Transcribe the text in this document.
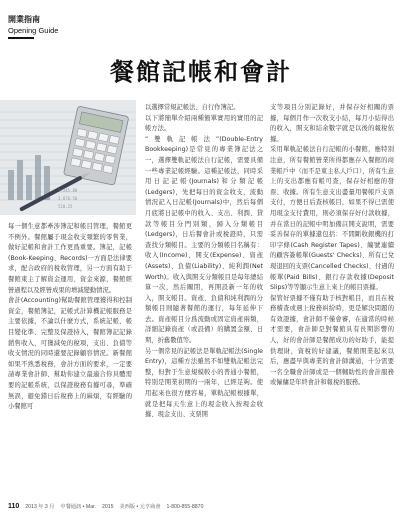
開業指南
Opening Guide
餐館記帳和會計
1,245.00
3,870.50
520.25

每一個生意都牽涉簿記和帳目管理，餐館更不例外。餐館屬于現金收支頻繁的零售業，做好記帳和會計工作更爲重要。簿記，記帳(Book-Keeping、Records)一方面是法律要求，配合政府的稅收管理，另一方面有助于餐館東主了解資金運用、資金來源，餐館經營過程以及經營成果的增減變動情況。

會計(Accounting)幫助餐館管理獲得和控制資金，餐館簿記，記帳式計算機記帳服務是主要依據，不論以什麼方式，系統記帳、帳目變化準、完整及保證持入，餐館簿記記錄銷售收入，可獲減免的稅項，支出、負債等收支情況的同時還要記錄顧容情況。新餐館如果不熟悉稅務，會計方面的要求，一定要請專業會計師、幫助你建立最適合你具體需要的記帳系統，以保證稅務有據可尋，準確無誤，避免錯日后稅務上的麻煩，有經驗的小餐館可

以選擇常規記帳法、自行作簿記。

以下將簡單介紹兩種簡單實用的實用的記帳方法。

“雙軌記帳法”(Double-Entry Bookkeeping)是常見的專業簿記法之一，選擇雙軌記帳法自行記帳，需要具備一些專業記帳經驗。這種記帳法，同時采用日記記帳(Journals)和分類記帳(Ledgers)，先把每日的資金收支，流動情況記入日記帳(Journals)中，然后每個月底將日記帳中的收入、支出、利潤、貸款等帳目分門別類，歸入分類帳目(Ledgers)，日后餐會計或稅證時，只需查找分類帳目。主要的分類帳目名稱有：收入(Income)、開支(Expense)、資產(Assets)、負債(Liability)、純利潤(Net Worth)。收入與開支分類帳目是每年總結算一次，然后關閉，再開設新一年的收入，開支帳目。資產、負債和純利潤的分類帳目則隨著餐館的運行，每年延伸下去。資產帳目分爲流動或固定資產兩類，詳細記錄資產（或設備）的購置金額、日期，折舊數值等。

另一個常見的記帳法是單軌記帳法(Single Entry)，這種方法雖然不如雙軌記帳法完整，但對于生意規模較小的普通小餐館，特別是開業初期的一兩年，已經足夠。使用起來也很方便容易，單軌記帳根據單，就是把每天生意上的現金收入按現金收據、現金支出、支票開

支等項目分別記錄好，并保存好相關的票據，每個月作一次收支小結，每月小結得出的收入，開支和結余數字就是以後的報稅依據。

采用單軌記帳法自行記帳的小餐館，應特別注意，所有餐館營業所得都應存入餐館的商業帳戶中（而不是東主私人戶口），所有生意上的支出都應有帳可查，保存好相應的發票、收據。所有生意支出盡量用餐帳戶支票支付，方便日后查核帳目，如果不得已需使用現金支付費用，則必須保存好付款收據，并在當日的記帳中明加備註開支說明，需要妥善保存的單據還包括：不間斷收銀機的打印字條(Cash Register Tapes)、編號連續的顧客簽帳單(Guests' Checks)、所有已兌現退回的支票(Cancelled Checks)、付過的帳單(Paid Bills)、銀行存款收據(Deposit Slips)等等顯示生意上來上的帳目票據。

保管好票據不僅有助于核對帳目，而且在稅務稽查或遇上稅務糾紛時，更是解決問題的有效證據，會計師不僅會審，在適當的時候才需要，會計師是對餐館具有長期影響的人，好的會計師是餐館成功的好助手，能提供理財，資稅的好建議，餐館開業起來以后，應盡早與專業的會計師溝通，十分需要一名全職會計師或是一個輔助性的會計服務或僱傭是年終會計和報稅的服務。

110 2013 年 3 月 中餐通訊 • Mar. 2015 美西版 • 元亨商會 1-800-855-8870
